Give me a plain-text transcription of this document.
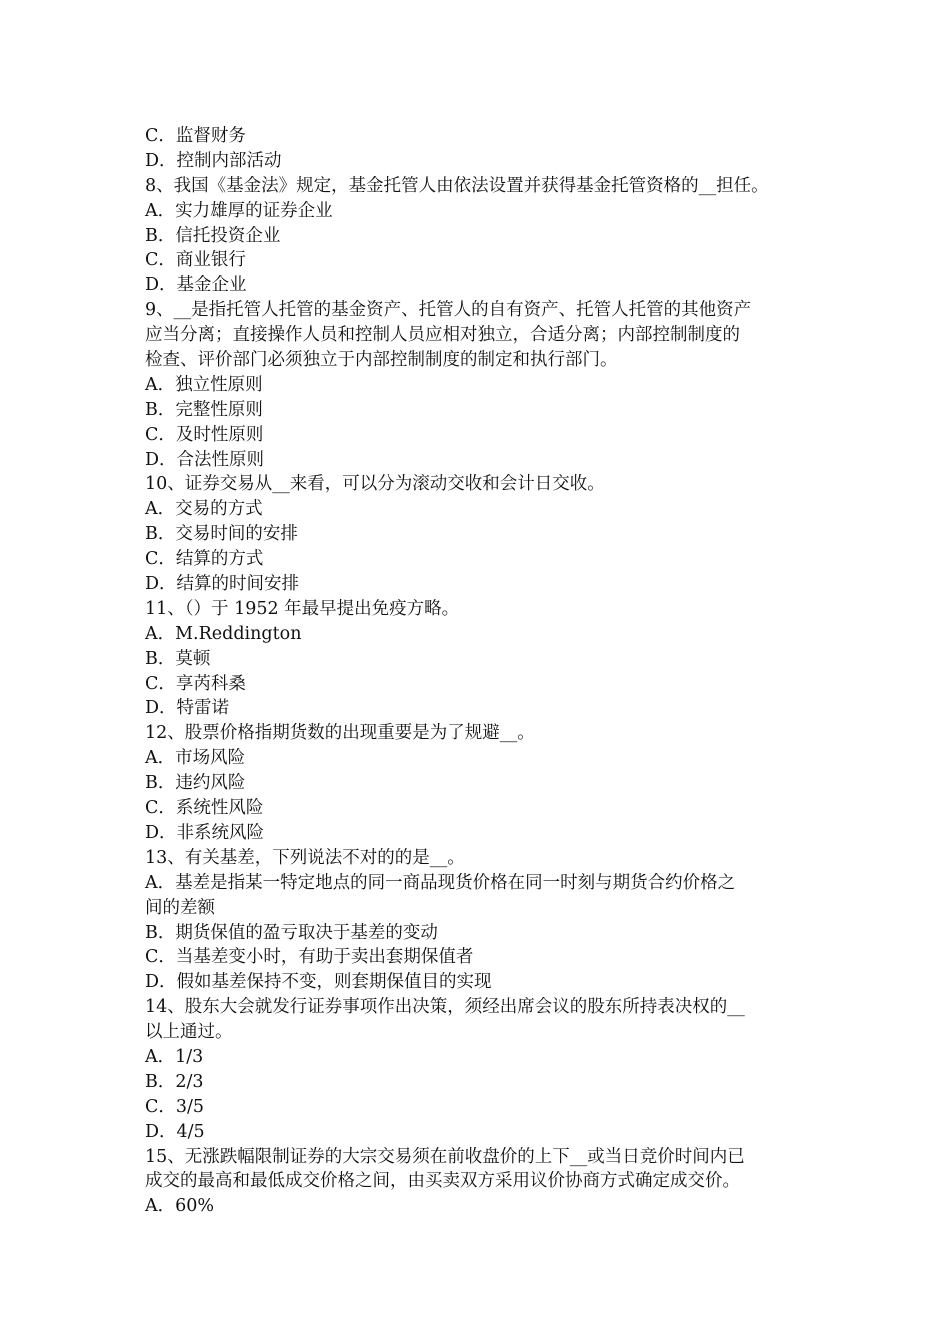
C．监督财务
D．控制内部活动
8、我国《基金法》规定，基金托管人由依法设置并获得基金托管资格的__担任。
A．实力雄厚的证券企业
B．信托投资企业
C．商业银行
D．基金企业
9、__是指托管人托管的基金资产、托管人的自有资产、托管人托管的其他资产
应当分离；直接操作人员和控制人员应相对独立，合适分离；内部控制制度的
检查、评价部门必须独立于内部控制制度的制定和执行部门。
A．独立性原则
B．完整性原则
C．及时性原则
D．合法性原则
10、证券交易从__来看，可以分为滚动交收和会计日交收。
A．交易的方式
B．交易时间的安排
C．结算的方式
D．结算的时间安排
11、（）于 1952 年最早提出免疫方略。
A．M.Reddington
B．莫顿
C．享芮科桑
D．特雷诺
12、股票价格指期货数的出现重要是为了规避__。
A．市场风险
B．违约风险
C．系统性风险
D．非系统风险
13、有关基差，下列说法不对的的是__。
A．基差是指某一特定地点的同一商品现货价格在同一时刻与期货合约价格之
间的差额
B．期货保值的盈亏取决于基差的变动
C．当基差变小时，有助于卖出套期保值者
D．假如基差保持不变，则套期保值目的实现
14、股东大会就发行证券事项作出决策，须经出席会议的股东所持表决权的__
以上通过。
A．1/3
B．2/3
C．3/5
D．4/5
15、无涨跌幅限制证券的大宗交易须在前收盘价的上下__或当日竞价时间内已
成交的最高和最低成交价格之间，由买卖双方采用议价协商方式确定成交价。
A．60%
